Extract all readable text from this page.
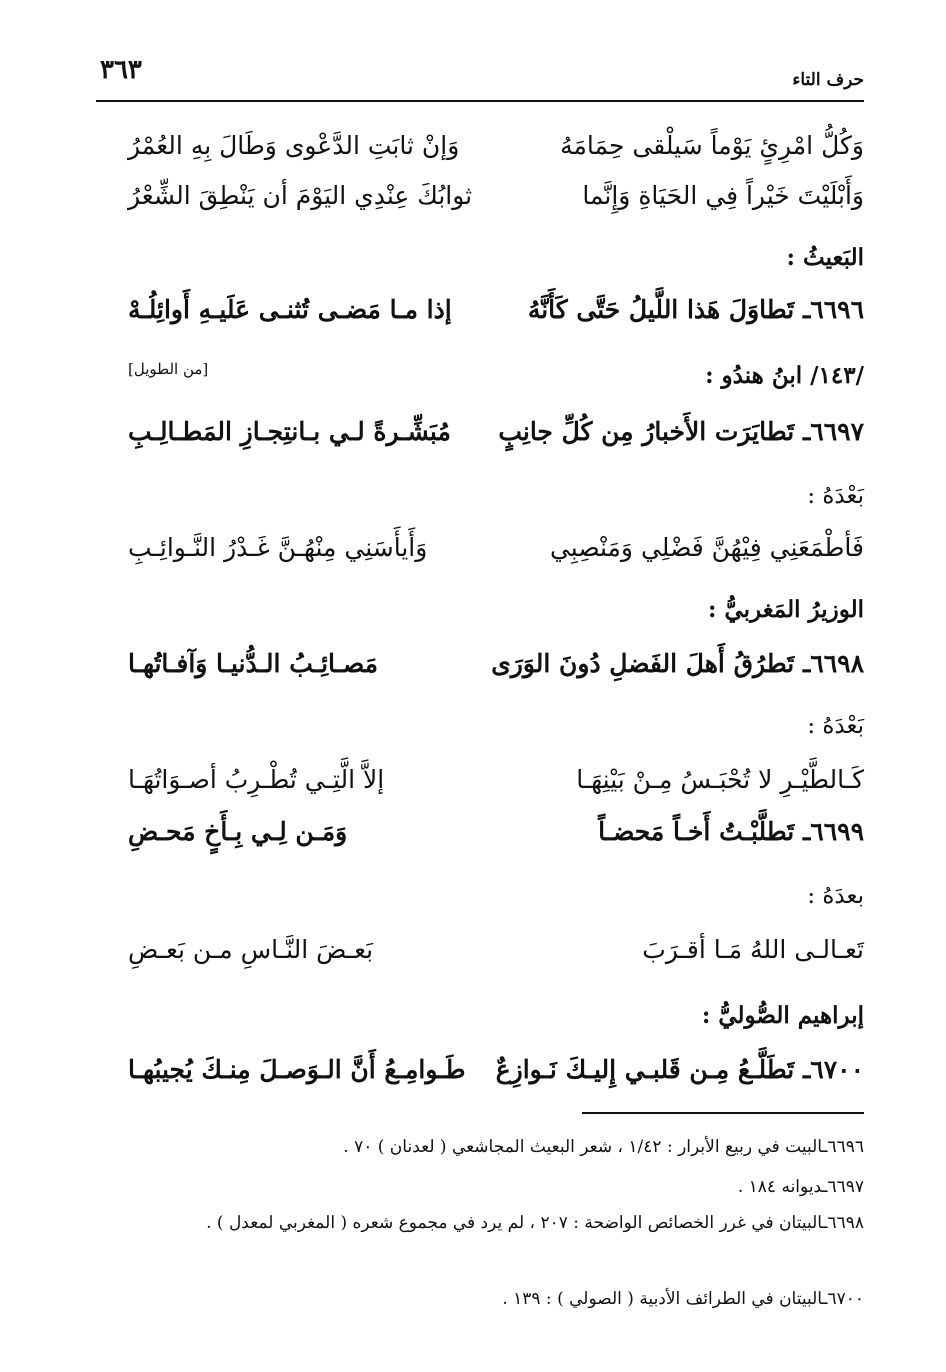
حرف التاء
٣٦٣
وَكُلُّ امْرِئٍ يَوْماً سَيلْقى حِمَامَهُ
وَإنْ ثابَتِ الدَّعْوى وَطَالَ بِهِ العُمْرُ
وَأَبْلَيْتَ خَيْراً فِي الحَيَاةِ وَإِنَّما
ثوابُكَ عِنْدِي اليَوْمَ أن يَنْطِقَ الشِّعْرُ
البَعيثُ :
٦٦٩٦ـ تَطاوَلَ هَذا اللَّيلُ حَتَّى كَأَنَّهُ
إذا مـا مَضـى تُثنـى عَلَيـهِ أَوائِلُـهْ
/١٤٣/ ابنُ هندُو :
[من الطويل]
٦٦٩٧ـ تَطايَرَت الأَخبارُ مِن كُلِّ جانِبٍ
مُبَشِّـرةً لـي بـانتِجـازِ المَطـالِـبِ
بَعْدَهُ :
فَأطْمَعَنِي فِيْهُنَّ فَضْلِي وَمَنْصِبِي
وَأَيأَسَنِي مِنْهُـنَّ غَـدْرُ النَّـوائِـبِ
الوزيرُ المَغربيُّ :
٦٦٩٨ـ تَطرُقُ أَهلَ الفَضلِ دُونَ الوَرَى
مَصـائِـبُ الـدُّنيـا وَآفـاتُهـا
بَعْدَهُ :
كَـالطَّيْـرِ لا تُحْبَـسُ مِـنْ بَيْنِهَـا
إلاَّ الَّتِـي تُطْـرِبُ أصـوَاتُهَـا
٦٦٩٩ـ تَطلَّبْـتُ أَخـاً مَحضـاً
وَمَـن لِـي بِـأَخٍ مَحـضِ
بعدَهُ :
تَعـالـى اللهُ مَـا أقـرَبَ
بَعـضَ النَّـاسِ مـن بَعـضِ
إبراهيم الصُّوليُّ :
٦٧٠٠ـ تَطَلَّـعُ مِـن قَلبـي إِليـكَ نَـوازِعٌ
طَـوامِـعُ أَنَّ الـوَصـلَ مِنـكَ يُجيبُهـا
٦٦٩٦ـالبيت في ربيع الأبرار : ١/٤٢ ، شعر البعيث المجاشعي ( لعدنان ) ٧٠ .
٦٦٩٧ـديوانه ١٨٤ .
٦٦٩٨ـالبيتان في غرر الخصائص الواضحة : ٢٠٧ ، لم يرد في مجموع شعره ( المغربي لمعدل ) .
٦٧٠٠ـالبيتان في الطرائف الأدبية ( الصولي ) : ١٣٩ .
